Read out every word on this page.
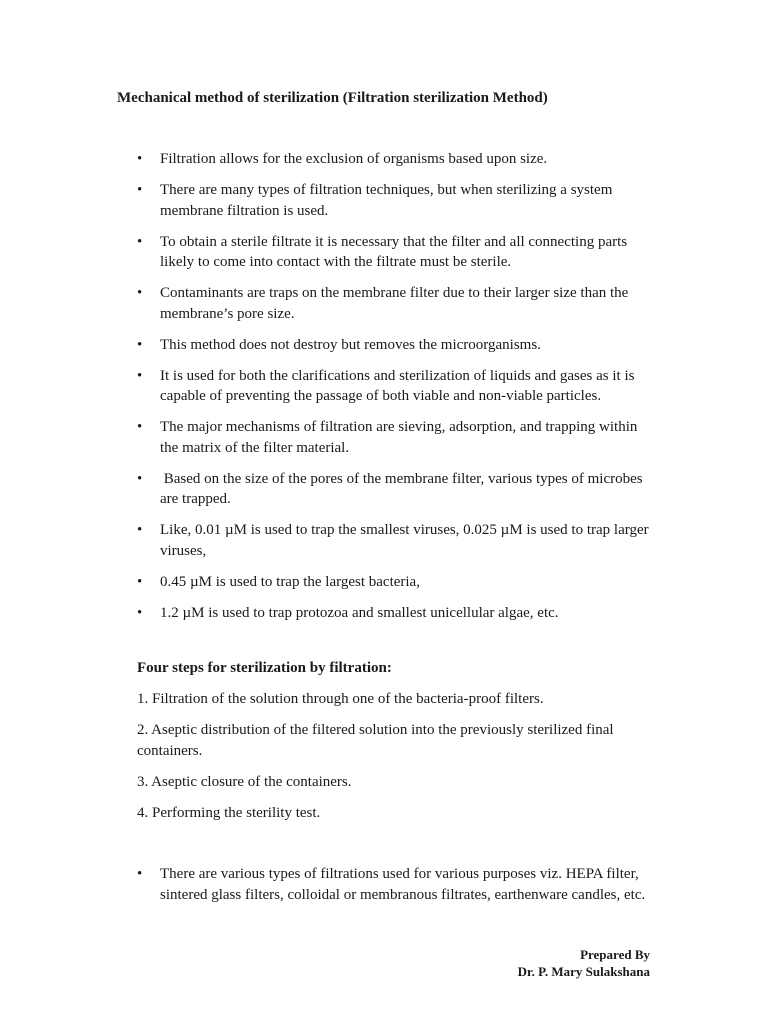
Mechanical method of sterilization (Filtration sterilization Method)
• Filtration allows for the exclusion of organisms based upon size.
• There are many types of filtration techniques, but when sterilizing a system membrane filtration is used.
• To obtain a sterile filtrate it is necessary that the filter and all connecting parts likely to come into contact with the filtrate must be sterile.
• Contaminants are traps on the membrane filter due to their larger size than the membrane’s pore size.
• This method does not destroy but removes the microorganisms.
• It is used for both the clarifications and sterilization of liquids and gases as it is capable of preventing the passage of both viable and non-viable particles.
• The major mechanisms of filtration are sieving, adsorption, and trapping within the matrix of the filter material.
• Based on the size of the pores of the membrane filter, various types of microbes are trapped.
• Like, 0.01 µM is used to trap the smallest viruses, 0.025 µM is used to trap larger viruses,
• 0.45 µM is used to trap the largest bacteria,
• 1.2 µM is used to trap protozoa and smallest unicellular algae, etc.

Four steps for sterilization by filtration:

1. Filtration of the solution through one of the bacteria-proof filters.
2. Aseptic distribution of the filtered solution into the previously sterilized final containers.
3. Aseptic closure of the containers.
4. Performing the sterility test.
• There are various types of filtrations used for various purposes viz. HEPA filter, sintered glass filters, colloidal or membranous filtrates, earthenware candles, etc.
Prepared By
Dr. P. Mary Sulakshana
